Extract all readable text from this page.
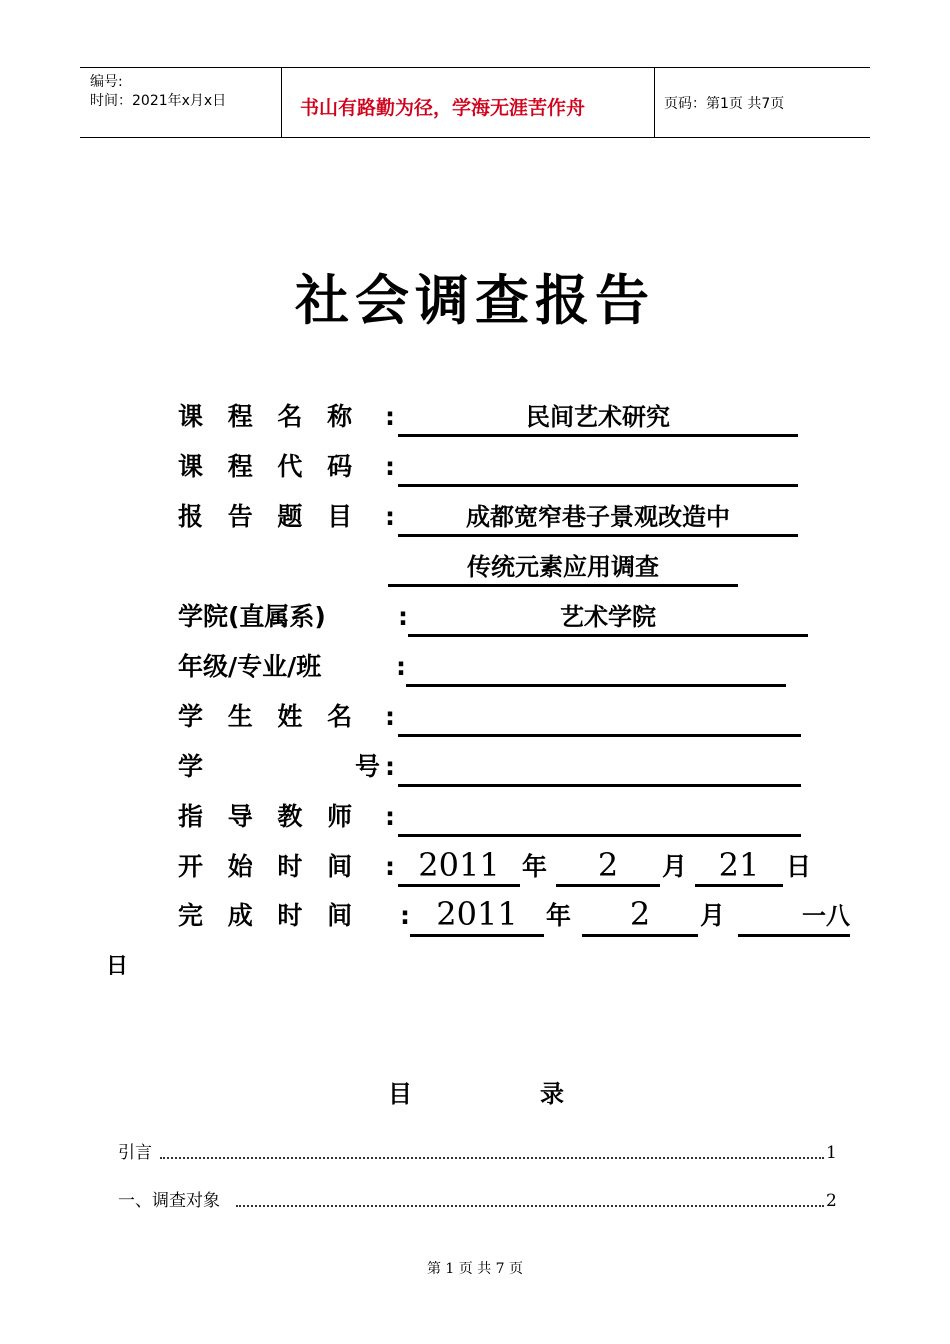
编号:
时间：2021年x月x日	书山有路勤为径，学海无涯苦作舟	页码：第1页 共7页
社会调查报告
课 程 名 称 :	民间艺术研究
课 程 代 码 :
报 告 题 目 :	成都宽窄巷子景观改造中
传统元素应用调查
学院(直属系)	:	艺术学院
年级/专业/班	:
学 生 姓 名 :
学	号 :
指 导 教 师 :
开 始 时 间 : 2011 年	2	月 21	日
完 成 时 间 : 2011	年	2	月	一八
日
目	录
引言	1
一、调查对象	2
第 1 页 共 7 页
